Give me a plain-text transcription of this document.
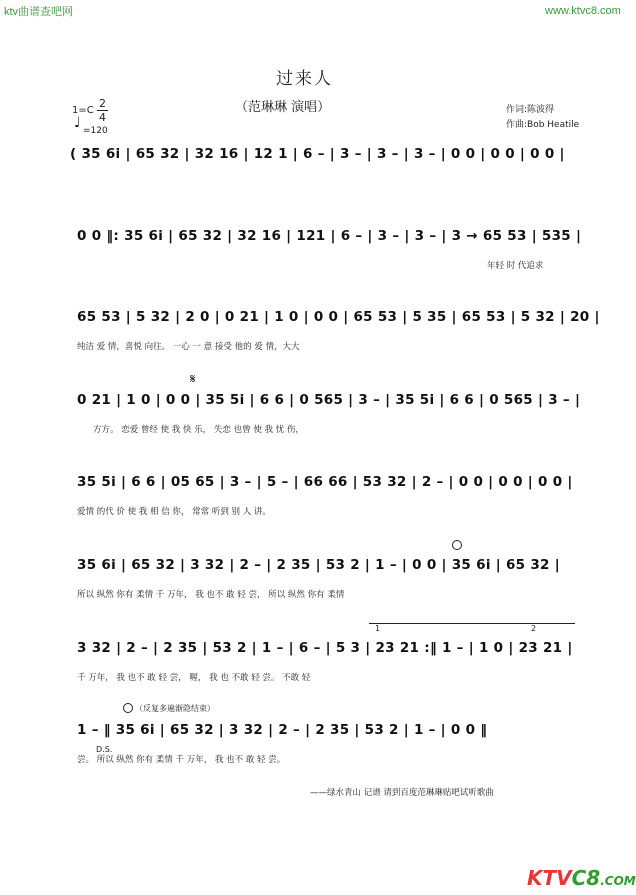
ktv曲谱查吧网	www.ktvc8.com
过来人
（范琳琳 演唱）
1=C
2
4
♩ =120
作词:陈波得
作曲:Bob Heatile
( 35 6i | 65 32 | 32 16 | 12 1 | 6 – | 3 – | 3 – | 3 – | 0 0 | 0 0 | 0 0 |
0 0 ‖: 35 6i | 65 32 | 32 16 | 121 | 6 – | 3 – | 3 – | 3 → 65 53 | 535 |
年轻 时 代追求
65 53 | 5 32 | 2 0 | 0 21 | 1 0 | 0 0 | 65 53 | 5 35 | 65 53 | 5 32 | 20 |
纯洁 爱 情，喜悦 向往。 一心 一 意 接受 他的 爱 情，大大
𝄋
0 21 | 1 0 | 0 0 | 35 5i | 6 6 | 0 565 | 3 – | 35 5i | 6 6 | 0 565 | 3 – |
方方。 恋爱 曾经 使 我 快 乐， 失恋 也曾 使 我 忧 伤，
35 5i | 6 6 | 05 65 | 3 – | 5 – | 66 66 | 53 32 | 2 – | 0 0 | 0 0 | 0 0 |
爱情 的代 价 使 我 相 信 你， 常常 听到 别 人 讲。
35 6i | 65 32 | 3 32 | 2 – | 2 35 | 53 2 | 1 – | 0 0 | 35 6i | 65 32 |
所以 纵然 你有 柔情 千 万年， 我 也不 敢 轻 尝， 所以 纵然 你有 柔情
1	2
3 32 | 2 – | 2 35 | 53 2 | 1 – | 6 – | 5 3 | 23 21 :‖ 1 – | 1 0 | 23 21 |
千 万年， 我 也不 敢 轻 尝， 喔， 我 也 不敢 轻 尝。 不敢 轻
（反复多遍渐隐结束）
1 – ‖ 35 6i | 65 32 | 3 32 | 2 – | 2 35 | 53 2 | 1 – | 0 0 ‖
D.S.
尝。 所以 纵然 你有 柔情 千 万年， 我 也不 敢 轻 尝。
——绿水青山 记谱 请到百度范琳琳贴吧试听歌曲
KTVC8.COM
